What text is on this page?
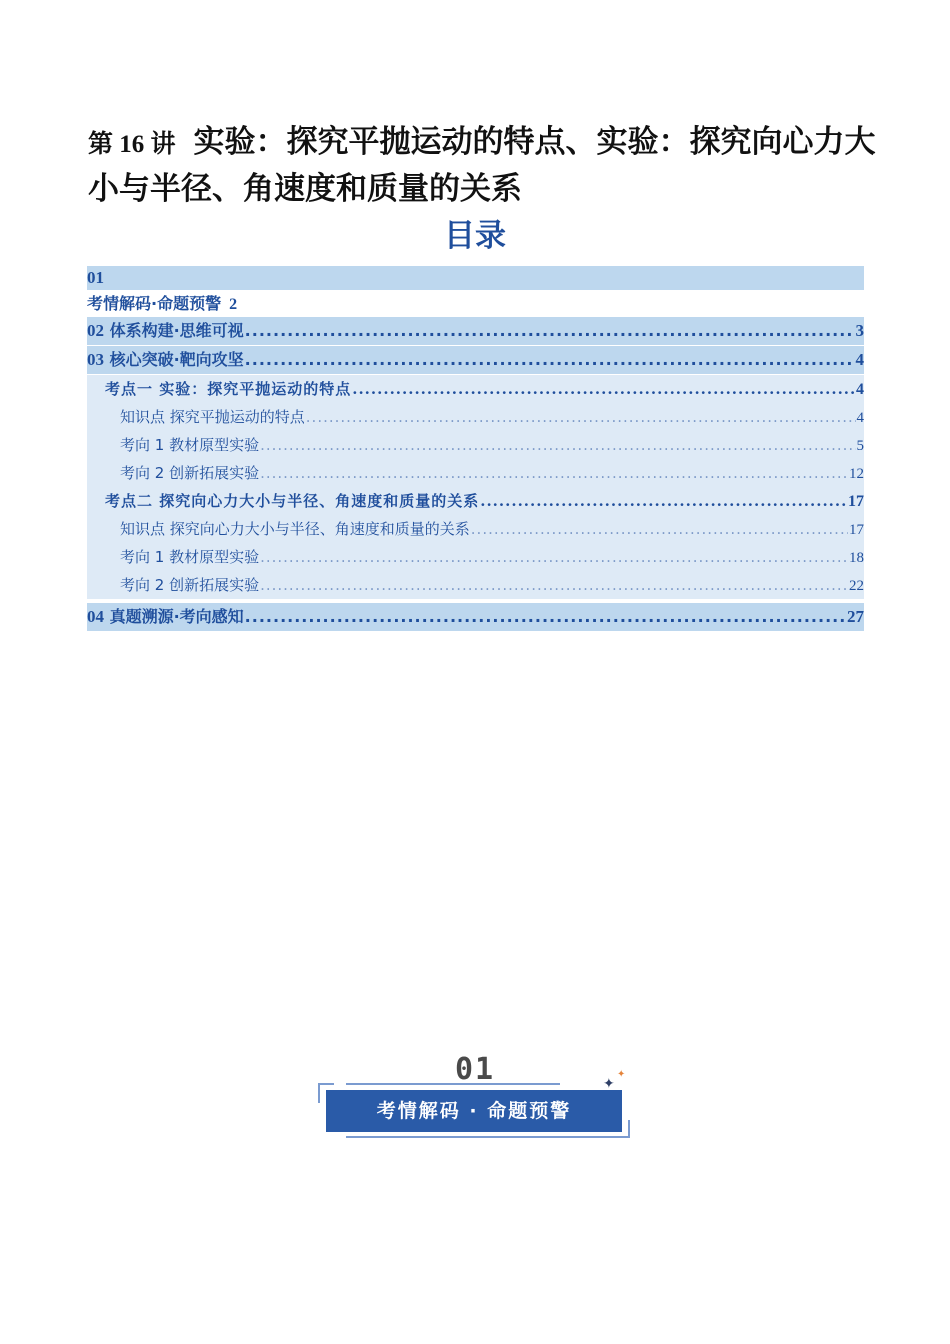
第 16 讲 实验：探究平抛运动的特点、实验：探究向心力大小与半径、角速度和质量的关系
目录
01
考情解码·命题预警 2
02 体系构建·思维可视 .....	3
03 核心突破·靶向攻坚 .....	4
考点一 实验：探究平抛运动的特点 .....	4
知识点 探究平抛运动的特点 .....	4
考向 1 教材原型实验 .....	5
考向 2 创新拓展实验 .....	12
考点二 探究向心力大小与半径、角速度和质量的关系 .....	17
知识点 探究向心力大小与半径、角速度和质量的关系 .....	17
考向 1 教材原型实验 .....	18
考向 2 创新拓展实验 .....	22
04 真题溯源·考向感知 .....	27
01
考情解码 · 命题预警
✦
✦
